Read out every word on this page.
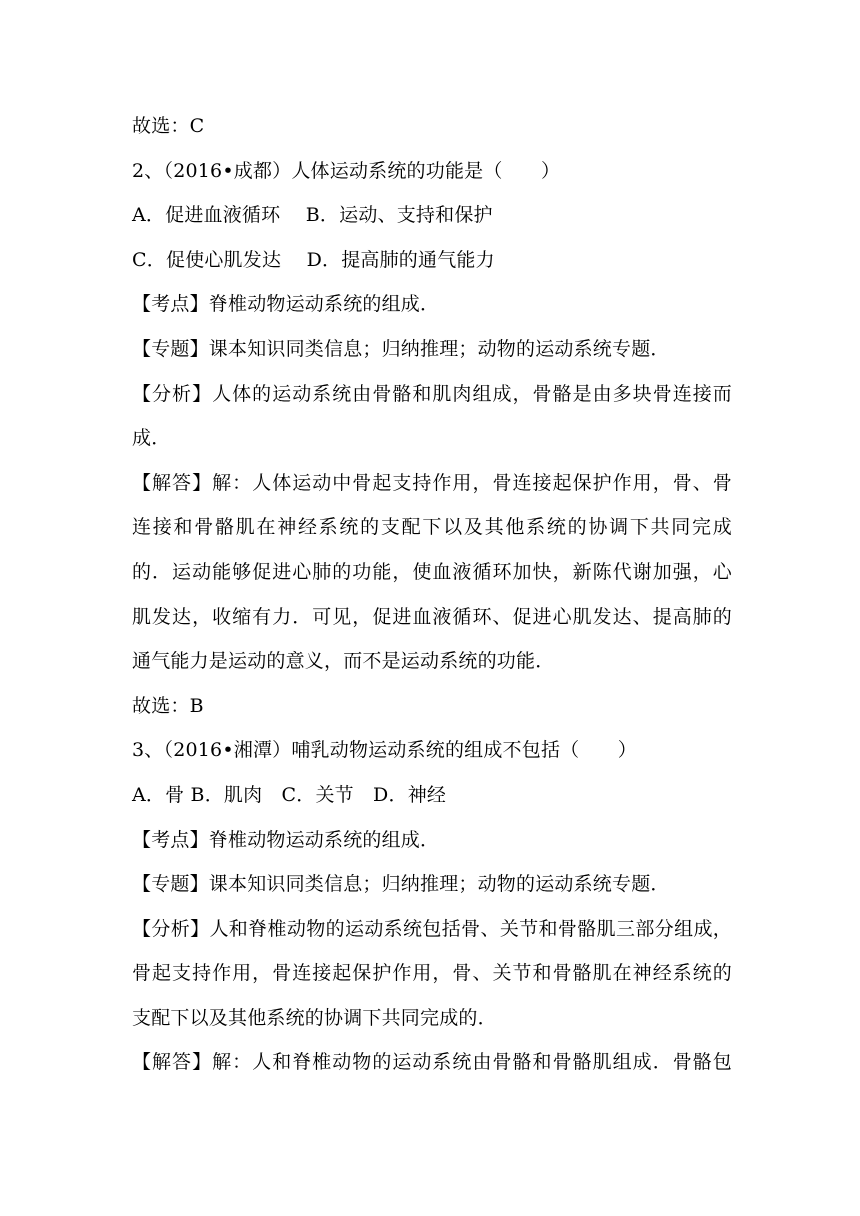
故选：C
2、（2016•成都）人体运动系统的功能是（　　）
A．促进血液循环　 B．运动、支持和保护
C．促使心肌发达　 D．提高肺的通气能力
【考点】脊椎动物运动系统的组成．
【专题】课本知识同类信息；归纳推理；动物的运动系统专题．
【分析】人体的运动系统由骨骼和肌肉组成，骨骼是由多块骨连接而
成．
【解答】解：人体运动中骨起支持作用，骨连接起保护作用，骨、骨
连接和骨骼肌在神经系统的支配下以及其他系统的协调下共同完成
的．运动能够促进心肺的功能，使血液循环加快，新陈代谢加强，心
肌发达，收缩有力．可见，促进血液循环、促进心肌发达、提高肺的
通气能力是运动的意义，而不是运动系统的功能．
故选：B
3、（2016•湘潭）哺乳动物运动系统的组成不包括（　　）
A．骨 B．肌肉　C．关节　D．神经
【考点】脊椎动物运动系统的组成．
【专题】课本知识同类信息；归纳推理；动物的运动系统专题．
【分析】人和脊椎动物的运动系统包括骨、关节和骨骼肌三部分组成，
骨起支持作用，骨连接起保护作用，骨、关节和骨骼肌在神经系统的
支配下以及其他系统的协调下共同完成的．
【解答】解：人和脊椎动物的运动系统由骨骼和骨骼肌组成．骨骼包
